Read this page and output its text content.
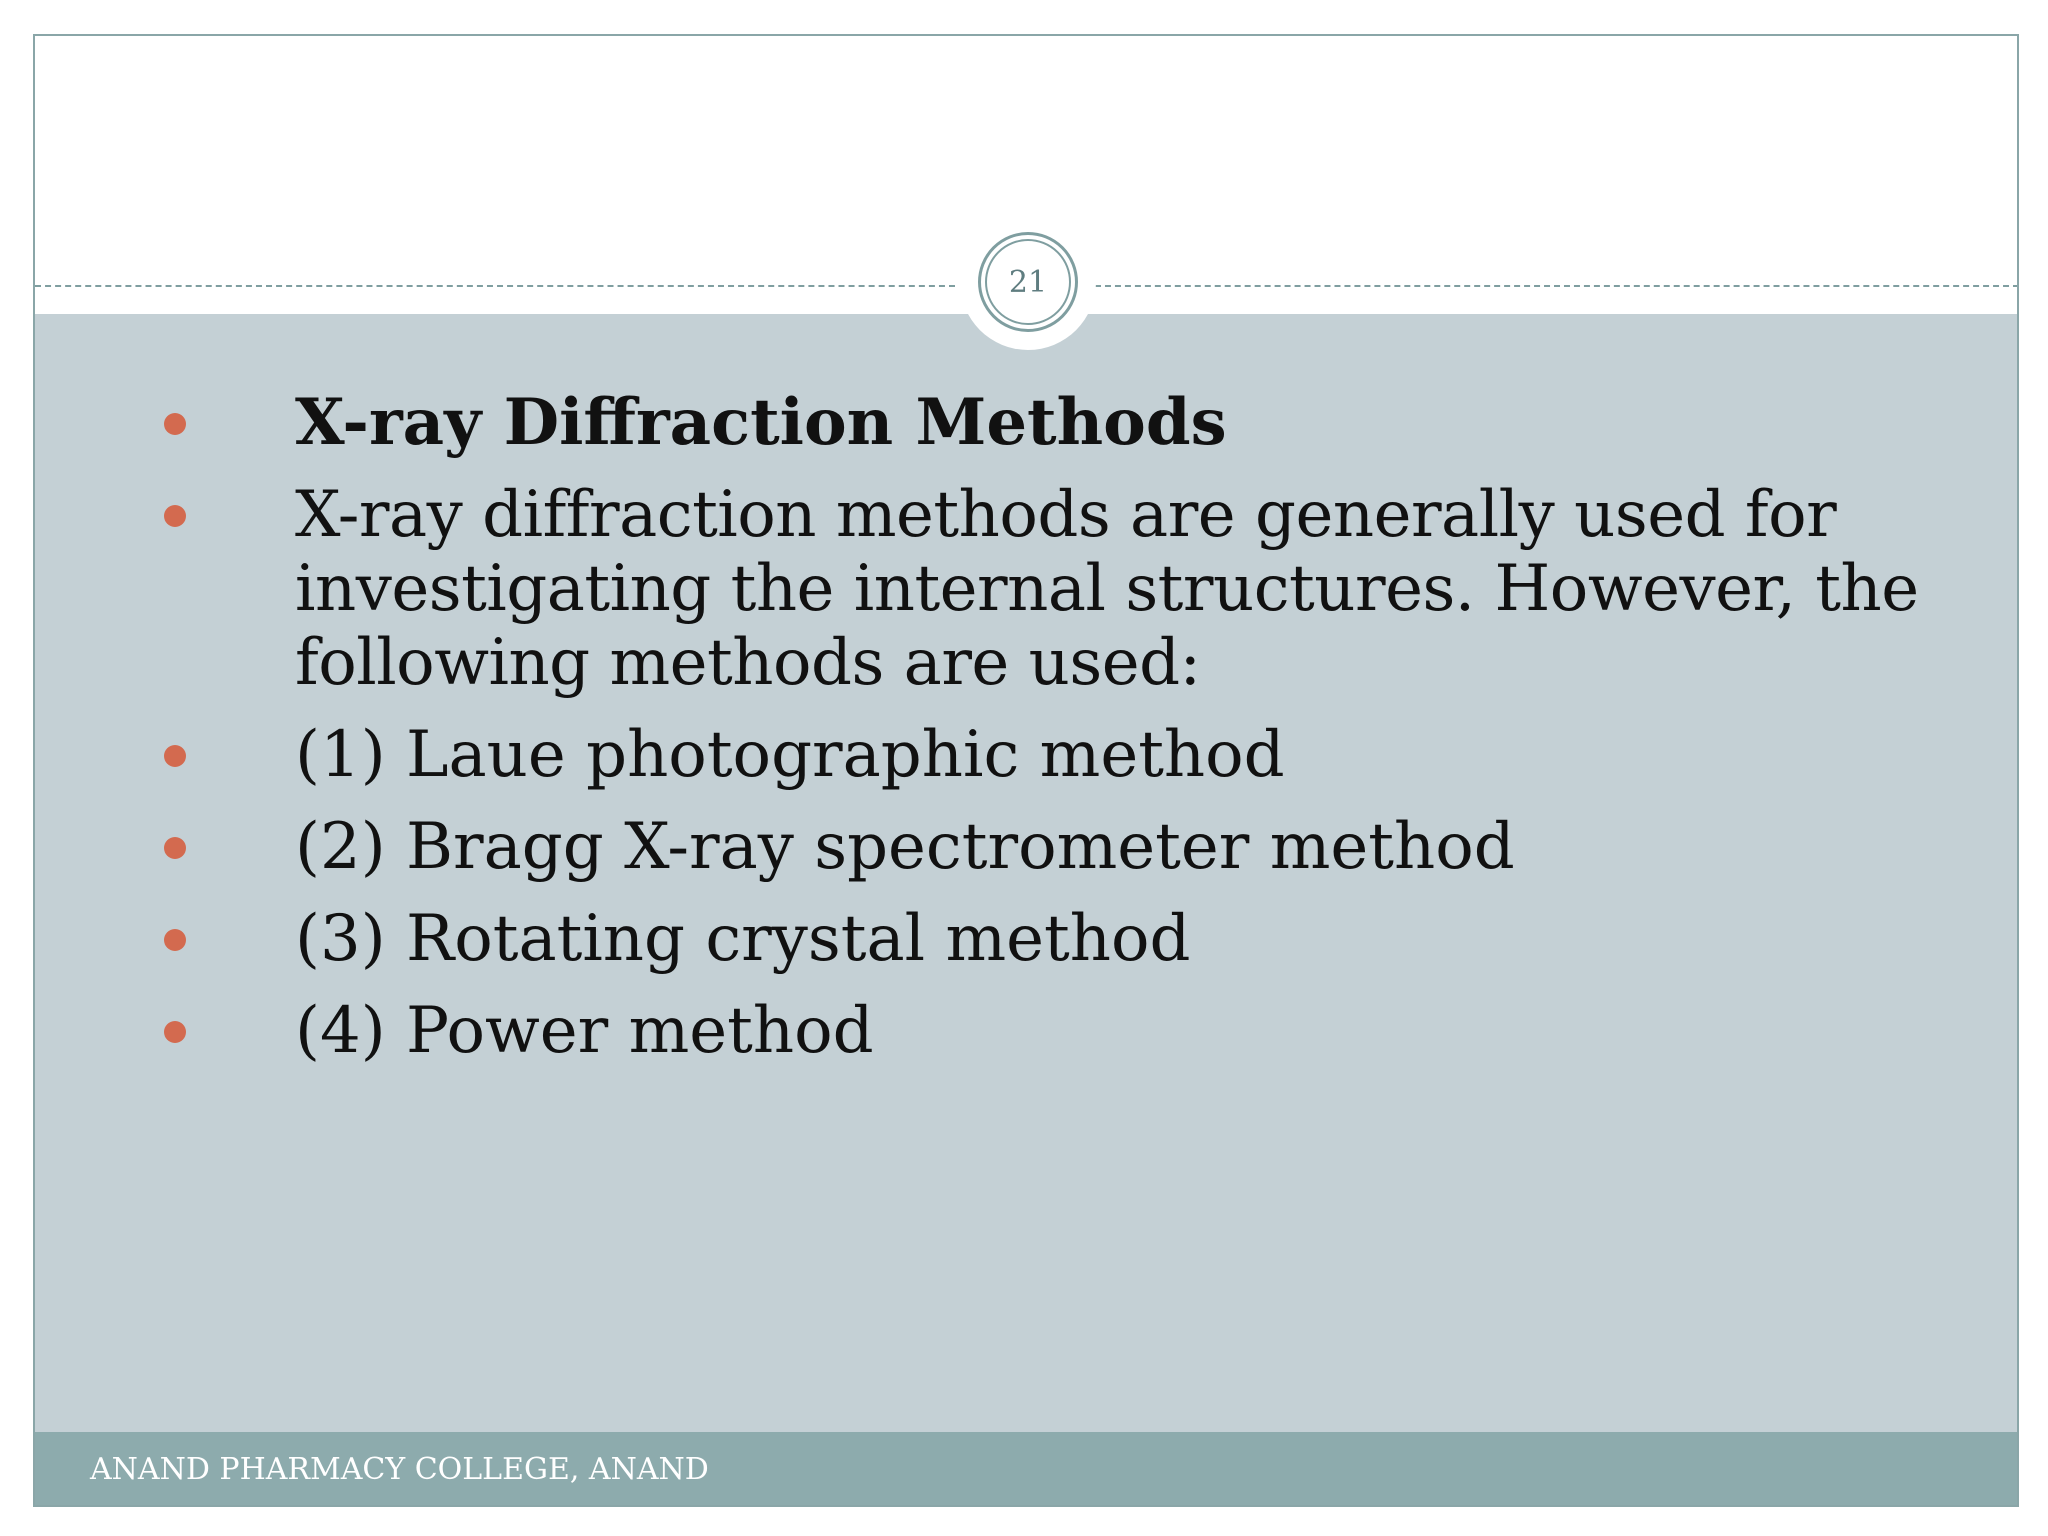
21
X-ray Diffraction Methods
X-ray diffraction methods are generally used for investigating the internal structures. However, the following methods are used:
(1) Laue photographic method
(2) Bragg X-ray spectrometer method
(3) Rotating crystal method
(4) Power method
ANAND PHARMACY COLLEGE, ANAND
